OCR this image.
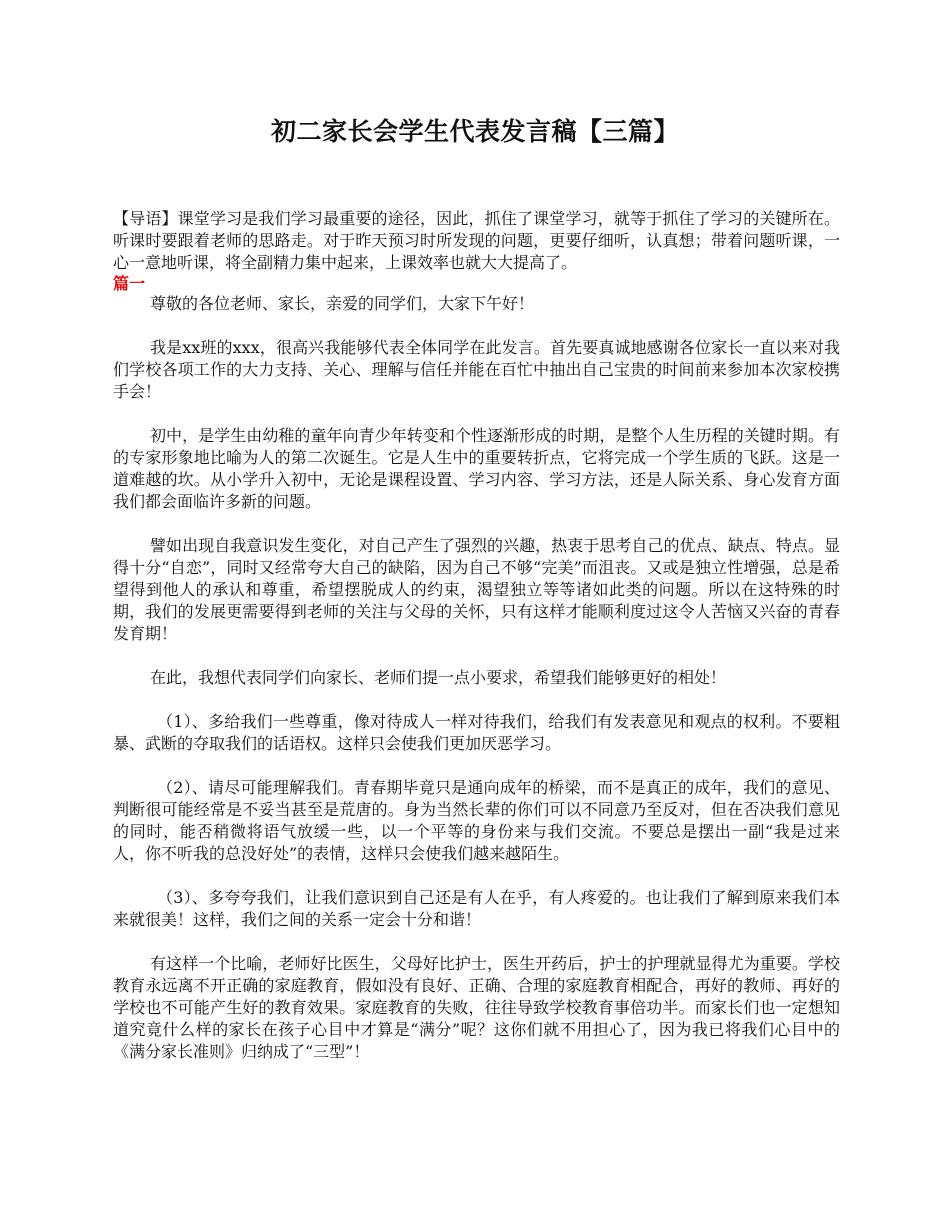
初二家长会学生代表发言稿【三篇】

【导语】课堂学习是我们学习最重要的途径，因此，抓住了课堂学习，就等于抓住了学习的关键所在。听课时要跟着老师的思路走。对于昨天预习时所发现的问题，更要仔细听，认真想；带着问题听课，一心一意地听课，将全副精力集中起来，上课效率也就大大提高了。

篇一

尊敬的各位老师、家长，亲爱的同学们，大家下午好！

我是xx班的xxx，很高兴我能够代表全体同学在此发言。首先要真诚地感谢各位家长一直以来对我们学校各项工作的大力支持、关心、理解与信任并能在百忙中抽出自己宝贵的时间前来参加本次家校携手会！

初中，是学生由幼稚的童年向青少年转变和个性逐渐形成的时期，是整个人生历程的关键时期。有的专家形象地比喻为人的第二次诞生。它是人生中的重要转折点，它将完成一个学生质的飞跃。这是一道难越的坎。从小学升入初中，无论是课程设置、学习内容、学习方法，还是人际关系、身心发育方面我们都会面临许多新的问题。

譬如出现自我意识发生变化，对自己产生了强烈的兴趣，热衷于思考自己的优点、缺点、特点。显得十分“自恋”，同时又经常夸大自己的缺陷，因为自己不够“完美”而沮丧。又或是独立性增强，总是希望得到他人的承认和尊重，希望摆脱成人的约束，渴望独立等等诸如此类的问题。所以在这特殊的时期，我们的发展更需要得到老师的关注与父母的关怀，只有这样才能顺利度过这令人苦恼又兴奋的青春发育期！

在此，我想代表同学们向家长、老师们提一点小要求，希望我们能够更好的相处！

（1）、多给我们一些尊重，像对待成人一样对待我们，给我们有发表意见和观点的权利。不要粗暴、武断的夺取我们的话语权。这样只会使我们更加厌恶学习。

（2）、请尽可能理解我们。青春期毕竟只是通向成年的桥梁，而不是真正的成年，我们的意见、判断很可能经常是不妥当甚至是荒唐的。身为当然长辈的你们可以不同意乃至反对，但在否决我们意见的同时，能否稍微将语气放缓一些，以一个平等的身份来与我们交流。不要总是摆出一副“我是过来人，你不听我的总没好处”的表情，这样只会使我们越来越陌生。

（3）、多夸夸我们，让我们意识到自己还是有人在乎，有人疼爱的。也让我们了解到原来我们本来就很美！这样，我们之间的关系一定会十分和谐！

有这样一个比喻，老师好比医生，父母好比护士，医生开药后，护士的护理就显得尤为重要。学校教育永远离不开正确的家庭教育，假如没有良好、正确、合理的家庭教育相配合，再好的教师、再好的学校也不可能产生好的教育效果。家庭教育的失败，往往导致学校教育事倍功半。而家长们也一定想知道究竟什么样的家长在孩子心目中才算是“满分”呢？这你们就不用担心了，因为我已将我们心目中的《满分家长准则》归纳成了“三型”！
